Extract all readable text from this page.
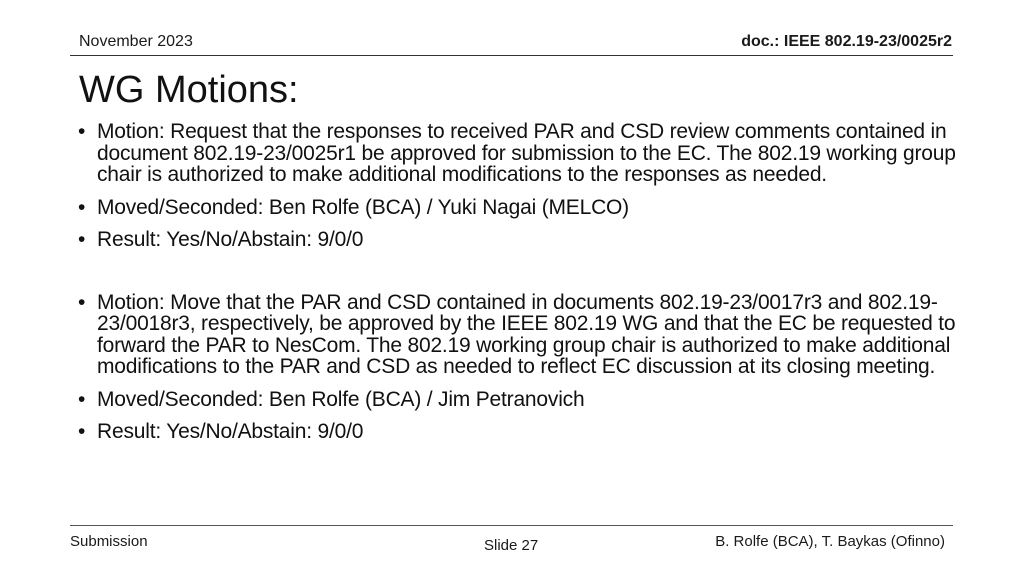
November 2023	doc.: IEEE 802.19-23/0025r2
WG Motions:
• Motion: Request that the responses to received PAR and CSD review comments contained in document 802.19-23/0025r1 be approved for submission to the EC. The 802.19 working group chair is authorized to make additional modifications to the responses as needed.
• Moved/Seconded: Ben Rolfe (BCA) / Yuki Nagai (MELCO)
• Result: Yes/No/Abstain: 9/0/0
• Motion: Move that the PAR and CSD contained in documents 802.19-23/0017r3 and 802.19-23/0018r3, respectively, be approved by the IEEE 802.19 WG and that the EC be requested to forward the PAR to NesCom. The 802.19 working group chair is authorized to make additional modifications to the PAR and CSD as needed to reflect EC discussion at its closing meeting.
• Moved/Seconded: Ben Rolfe (BCA) / Jim Petranovich
• Result: Yes/No/Abstain: 9/0/0
Submission	Slide 27	B. Rolfe (BCA), T. Baykas (Ofinno)
